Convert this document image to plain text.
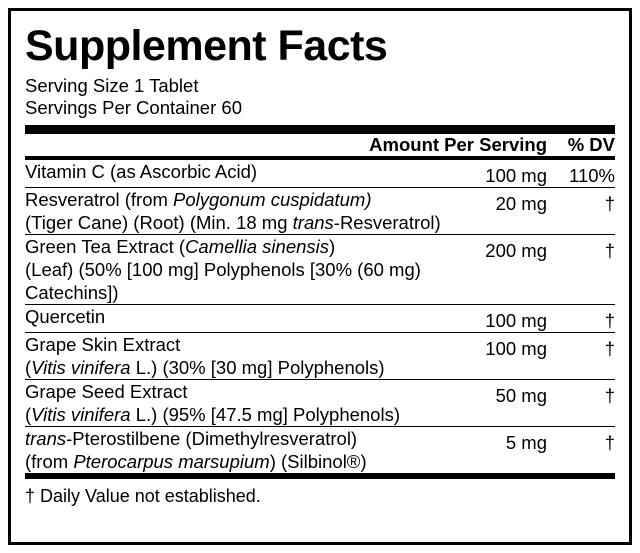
Supplement Facts
Serving Size 1 Tablet
Servings Per Container 60
	Amount Per Serving	% DV
Vitamin C (as Ascorbic Acid)	100 mg	110%

Resveratrol (from Polygonum cuspidatum)
(Tiger Cane) (Root) (Min. 18 mg trans-Resveratrol)	20 mg	†

Green Tea Extract (Camellia sinensis)
(Leaf) (50% [100 mg] Polyphenols [30% (60 mg) Catechins])	200 mg	†

Quercetin	100 mg	†

Grape Skin Extract
(Vitis vinifera L.) (30% [30 mg] Polyphenols)	100 mg	†

Grape Seed Extract
(Vitis vinifera L.) (95% [47.5 mg] Polyphenols)	50 mg	†

trans-Pterostilbene (Dimethylresveratrol)
(from Pterocarpus marsupium) (Silbinol®)	5 mg	†
† Daily Value not established.
